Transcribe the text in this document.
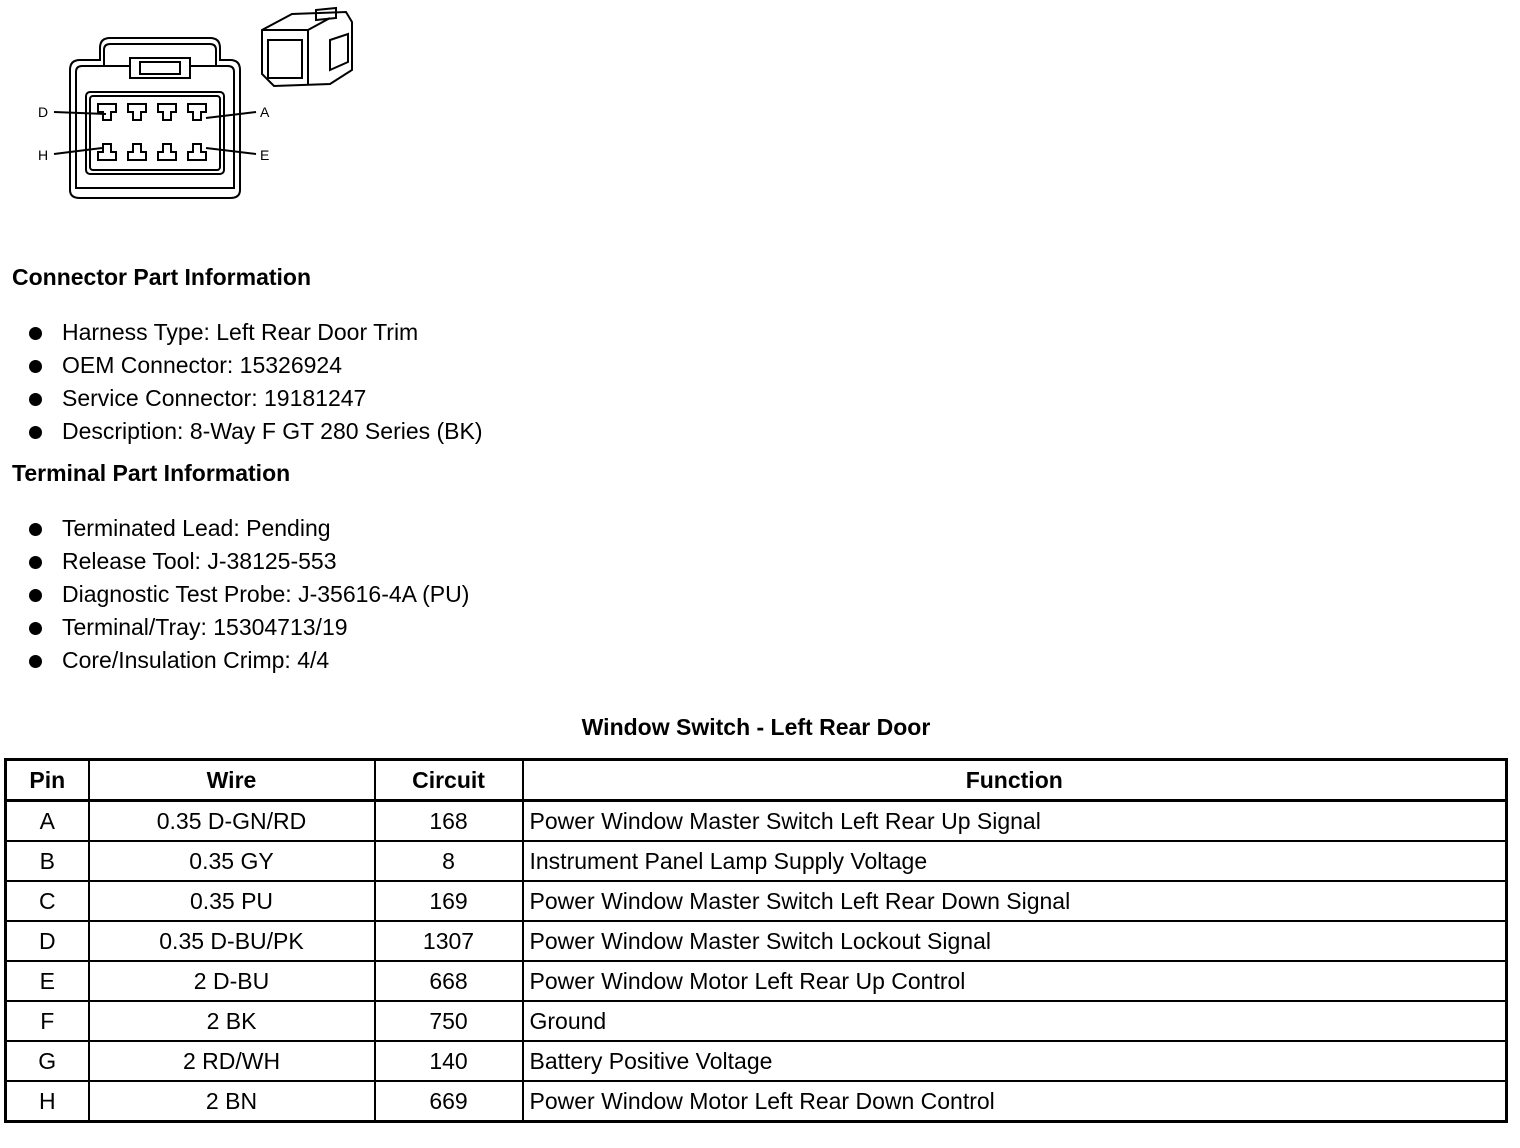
D	A
H	E
Connector Part Information
Harness Type: Left Rear Door Trim
OEM Connector: 15326924
Service Connector: 19181247
Description: 8-Way F GT 280 Series (BK)
Terminal Part Information
Terminated Lead: Pending
Release Tool: J-38125-553
Diagnostic Test Probe: J-35616-4A (PU)
Terminal/Tray: 15304713/19
Core/Insulation Crimp: 4/4
Window Switch - Left Rear Door
Pin	Wire	Circuit	Function
A	0.35 D-GN/RD	168	Power Window Master Switch Left Rear Up Signal
B	0.35 GY	8	Instrument Panel Lamp Supply Voltage
C	0.35 PU	169	Power Window Master Switch Left Rear Down Signal
D	0.35 D-BU/PK	1307	Power Window Master Switch Lockout Signal
E	2 D-BU	668	Power Window Motor Left Rear Up Control
F	2 BK	750	Ground
G	2 RD/WH	140	Battery Positive Voltage
H	2 BN	669	Power Window Motor Left Rear Down Control
